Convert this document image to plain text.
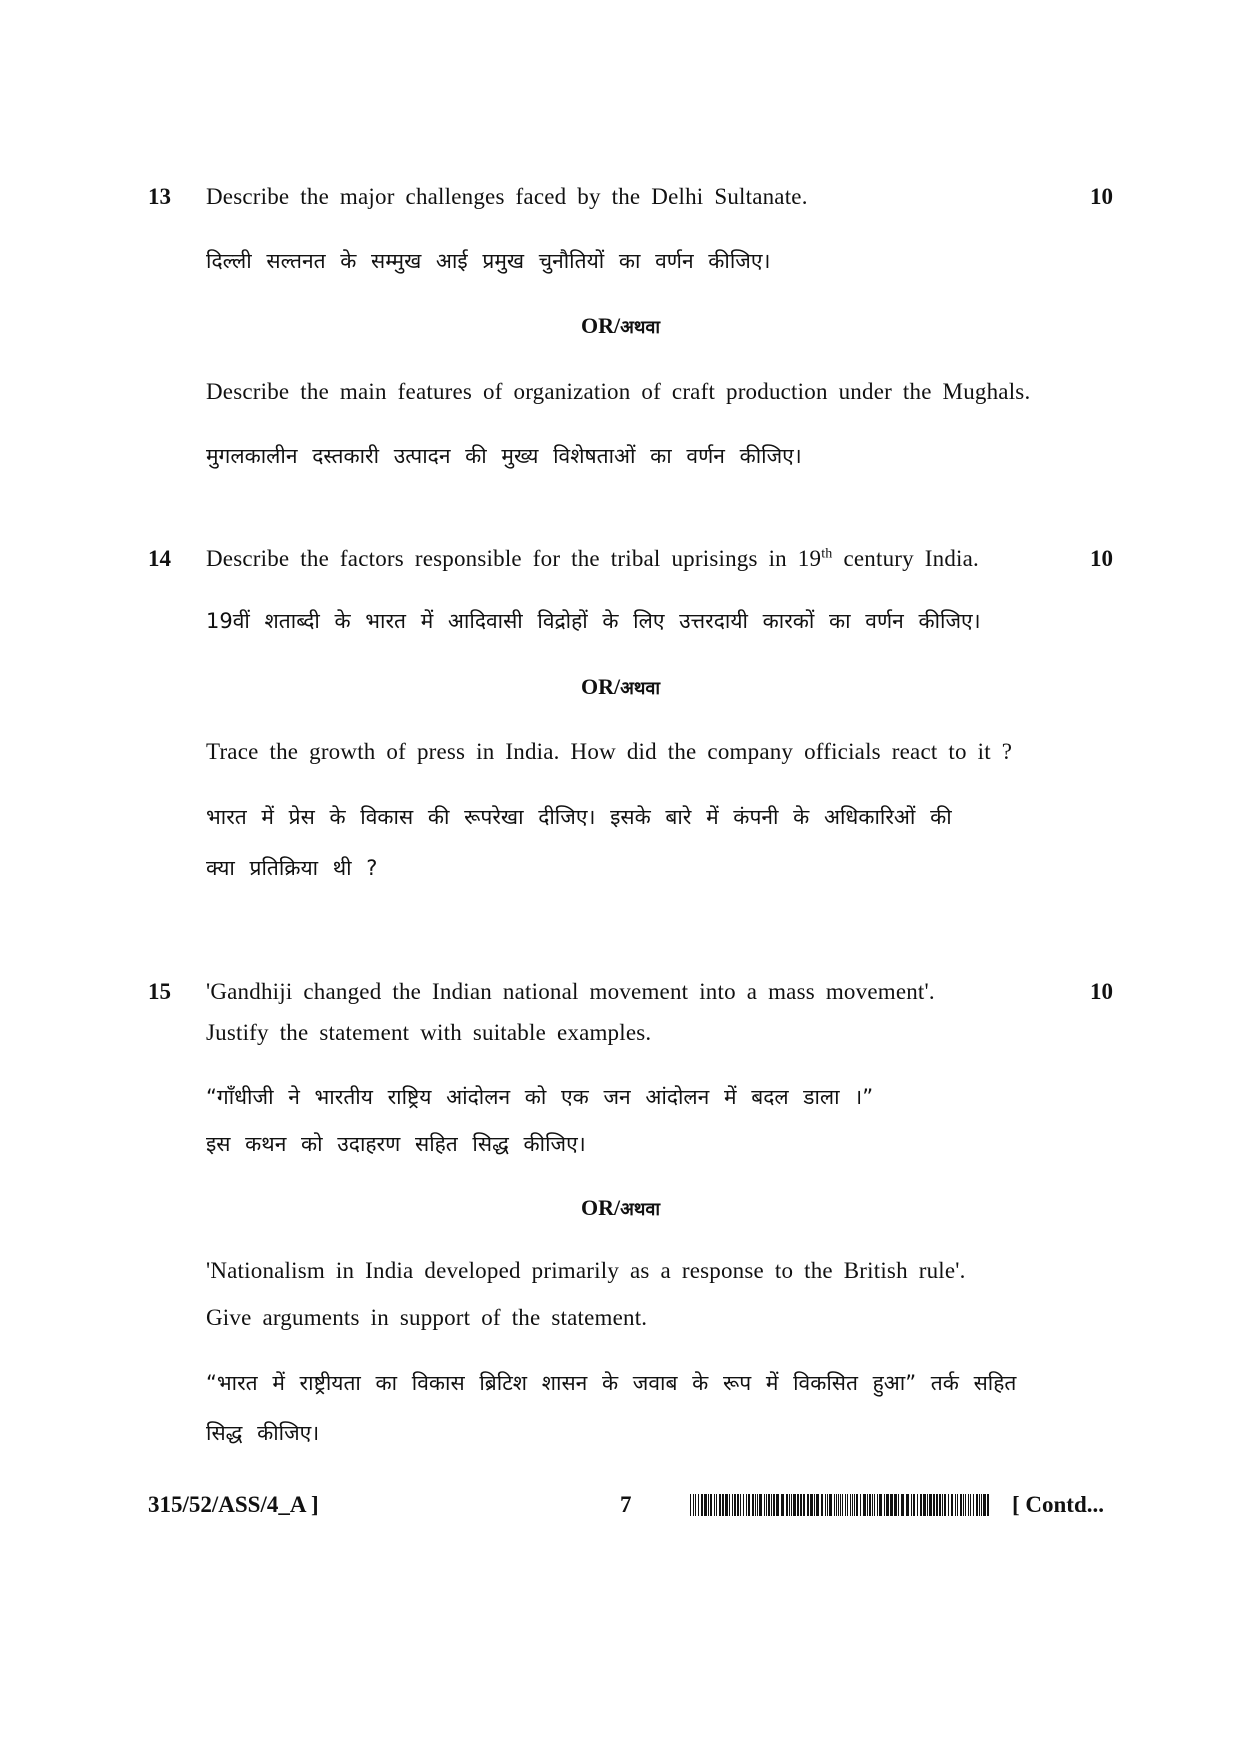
13 Describe the major challenges faced by the Delhi Sultanate.	10
दिल्ली सल्तनत के सम्मुख आई प्रमुख चुनौतियों का वर्णन कीजिए।
OR/अथवा
Describe the main features of organization of craft production under the Mughals.
मुगलकालीन दस्तकारी उत्पादन की मुख्य विशेषताओं का वर्णन कीजिए।
14 Describe the factors responsible for the tribal uprisings in 19th century India.	10
19वीं शताब्दी के भारत में आदिवासी विद्रोहों के लिए उत्तरदायी कारकों का वर्णन कीजिए।
OR/अथवा
Trace the growth of press in India. How did the company officials react to it ?
भारत में प्रेस के विकास की रूपरेखा दीजिए। इसके बारे में कंपनी के अधिकारिओं की
क्या प्रतिक्रिया थी ?
15 'Gandhiji changed the Indian national movement into a mass movement'.	10
Justify the statement with suitable examples.
“गाँधीजी ने भारतीय राष्ट्रिय आंदोलन को एक जन आंदोलन में बदल डाला ।”
इस कथन को उदाहरण सहित सिद्ध कीजिए।
OR/अथवा
'Nationalism in India developed primarily as a response to the British rule'.
Give arguments in support of the statement.
“भारत में राष्ट्रीयता का विकास ब्रिटिश शासन के जवाब के रूप में विकसित हुआ” तर्क सहित
सिद्ध कीजिए।
315/52/ASS/4_A ]	7	[ Contd...
